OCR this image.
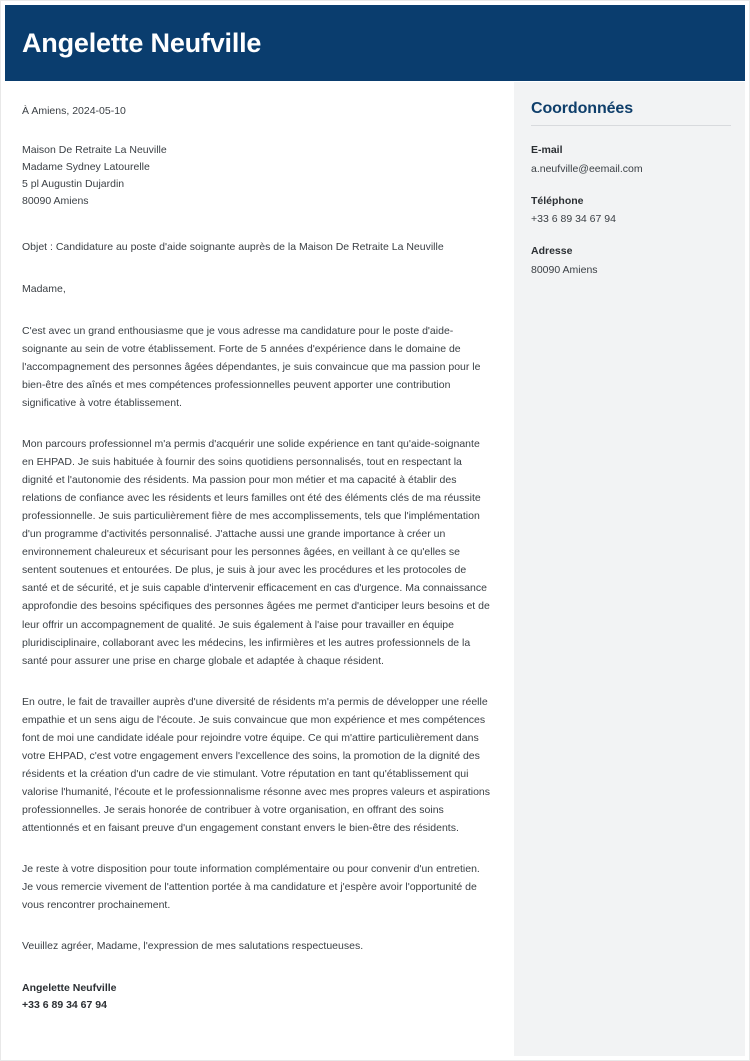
Angelette Neufville

À Amiens, 2024-05-10

Maison De Retraite La Neuville
Madame Sydney Latourelle
5 pl Augustin Dujardin
80090 Amiens

Objet : Candidature au poste d'aide soignante auprès de la Maison De Retraite La Neuville

Madame,

C'est avec un grand enthousiasme que je vous adresse ma candidature pour le poste d'aide-soignante au sein de votre établissement. Forte de 5 années d'expérience dans le domaine de l'accompagnement des personnes âgées dépendantes, je suis convaincue que ma passion pour le bien-être des aînés et mes compétences professionnelles peuvent apporter une contribution significative à votre établissement.

Mon parcours professionnel m'a permis d'acquérir une solide expérience en tant qu'aide-soignante en EHPAD. Je suis habituée à fournir des soins quotidiens personnalisés, tout en respectant la dignité et l'autonomie des résidents. Ma passion pour mon métier et ma capacité à établir des relations de confiance avec les résidents et leurs familles ont été des éléments clés de ma réussite professionnelle. Je suis particulièrement fière de mes accomplissements, tels que l'implémentation d'un programme d'activités personnalisé. J'attache aussi une grande importance à créer un environnement chaleureux et sécurisant pour les personnes âgées, en veillant à ce qu'elles se sentent soutenues et entourées. De plus, je suis à jour avec les procédures et les protocoles de santé et de sécurité, et je suis capable d'intervenir efficacement en cas d'urgence. Ma connaissance approfondie des besoins spécifiques des personnes âgées me permet d'anticiper leurs besoins et de leur offrir un accompagnement de qualité. Je suis également à l'aise pour travailler en équipe pluridisciplinaire, collaborant avec les médecins, les infirmières et les autres professionnels de la santé pour assurer une prise en charge globale et adaptée à chaque résident.

En outre, le fait de travailler auprès d'une diversité de résidents m'a permis de développer une réelle empathie et un sens aigu de l'écoute. Je suis convaincue que mon expérience et mes compétences font de moi une candidate idéale pour rejoindre votre équipe. Ce qui m'attire particulièrement dans votre EHPAD, c'est votre engagement envers l'excellence des soins, la promotion de la dignité des résidents et la création d'un cadre de vie stimulant. Votre réputation en tant qu'établissement qui valorise l'humanité, l'écoute et le professionnalisme résonne avec mes propres valeurs et aspirations professionnelles. Je serais honorée de contribuer à votre organisation, en offrant des soins attentionnés et en faisant preuve d'un engagement constant envers le bien-être des résidents.

Je reste à votre disposition pour toute information complémentaire ou pour convenir d'un entretien. Je vous remercie vivement de l'attention portée à ma candidature et j'espère avoir l'opportunité de vous rencontrer prochainement.

Veuillez agréer, Madame, l'expression de mes salutations respectueuses.

Angelette Neufville
+33 6 89 34 67 94
Coordonnées
E-mail
a.neufville@eemail.com
Téléphone
+33 6 89 34 67 94
Adresse
80090 Amiens
